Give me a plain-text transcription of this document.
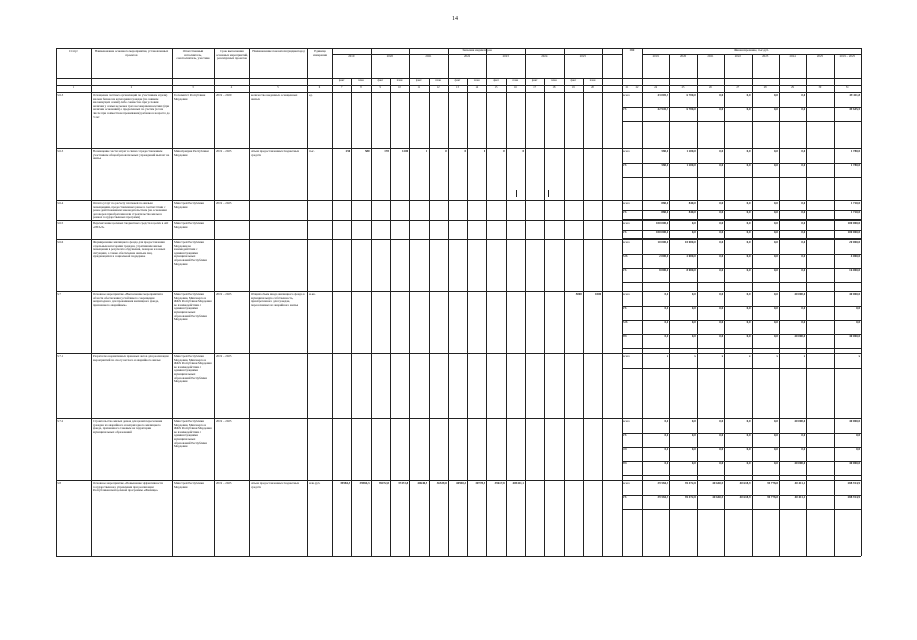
14
Статус	Наименование основного мероприятия, установленных проектов
Ответственный исполнитель, соисполнитель, участник
Срок выполнения основных мероприятий, реализуемых проектов
Наименование показателя (индикатора)	Единица измерения
Значения индикаторов	ИФ	Финансирование, тыс.руб.
2019	2020	2021	2022	2023	2024	2025
факт	план	факт	план	факт	план	факт	план	факт	план	факт	план	факт	план
2019	2020	2021	2022	2023	2024	2025	2019 – 2025
1	2	3	4	5	6	7	8	9	10	11	12	13	14	15	16	17	18	19	20	21	22	24	25	26	27	28	29	30	31
3.6.3	Оснащение частных организаций по участникам и (или) малым бизнесом категориям граждан (по заявкам малоимущих семей) либо совместно при условии наличия у семьи не менее трех несовершеннолетних (при наличии оснований) о пределенных по учетам (в том числе при совместном проживании) ребенка в возрасте до 3 лет
Госкомитет Республики Мордовия
2019 – 2020	количество выданных оснащенных жилых
ед.	всего	43 005,3	6 700,0	0,0	0,0	0,0	0,0	49 411,8
РБ	42 945,7	6 700,0	0,0	0,0	0,0	0,0	49 645,5
3.6.3	Возмещение части затрат в связи с предоставлением участникам общеобразовательных учреждений выплат на жилье
Минобрнауки Республики Мордовия
2019 – 2025	объем предоставленных бюджетных средств
тыс.	250	580	178	1200	0	0	0	0	0	0	всего	580,0	1 200,0	0,0	0,0	0,0	0,0	1 780,0
РБ	580,0	1 200,0	0,0	0,0	0,0	0,0	1 780,0
3.6.4	Оплата услуг по расчету платежей по жилым помещениям, предоставленных ранее в соответствии с ранее действовавшим законодательством (на основании договоров приобретения или строительства жилья в рамках государственных программ)
Минстрой Республики Мордовия
2019 – 2025	всего	880,0	840,0	0,0	0,0	0,0	0,0	1 720,0
РБ	880,0	840,0	0,0	0,0	0,0	0,0	1 720,0
3.6.5	Перечисление целевых бюджетных средств в целях в АО «ИТАЛ»
Минстрой Республики Мордовия
всего	100 000,0	0,0	0,0	0,0	0,0	0,0	100 000,0
РБ	100 000,0	0,0	0,0	0,0	0,0	0,0	100 000,0
3.6.6	Формирование жилищного фонда для предоставления отдельным категориям граждан, утратившим жилые помещения в результате обрушения, пожаров и в иных ситуациях, а также обеспечение жильем лиц, нуждающихся в социальной поддержке
Минстрой Республики Мордовия во взаимодействии с администрациями муниципальных образований Республики Мордовия
всего	10 000,0	10 000,0	0,0	0,0	0,0	0,0	20 000,0
МБ	2 000,0	2 000,0	0,0	0,0	0,0	0,0	4 000,0
РБ	8 000,0	8 000,0	0,0	0,0	0,0	0,0	16 000,0
3.7	Основное мероприятие «Выполнение мероприятий в области обеспечения устойчивого сокращения непригодного для проживания жилищного фонда, признанного аварийным»
Минстрой Республики Мордовия, Минэнерго и ЖКХ Республики Мордовия во взаимодействии с администрациями муниципальных образований Республики Мордовия
2019 – 2025	Общий объем ввода жилищного фонда в муниципальную собственность, приобретенного для граждан, переселяемых из аварийного жилья
м.кв.	5000	1000	всего	0,0	0,0	0,0	0,0	0,0	40 000,0	40 000,0
РБ	0,0	0,0	0,0	0,0	0,0	0,0	0,0
МБ	0,0	0,0	0,0	0,0	0,0	0,0	0,0
ВБ	0,0	0,0	0,0	0,0	0,0	40 000,0	40 000,0
3.7.1	Разработка нормативных правовых актов для реализации мероприятий по сносу ветхого и аварийного жилья
Минстрой Республики Мордовия, Минэнерго и ЖКХ Республики Мордовия во взаимодействии с администрациями муниципальных образований Республики Мордовия
2019 – 2025	всего	х	х	х	х	х	х	х
3.7.2	Строительство жилых домов для целей переселения граждан из аварийного и непригодного жилищного фонда, признанного таковым на территории муниципальных образований
Минстрой Республики Мордовия, Минэнерго и ЖКХ Республики Мордовия во взаимодействии с администрациями муниципальных образований Республики Мордовия
2019 – 2025	всего	0,0	0,0	0,0	0,0	0,0	40 000,0	40 000,0
РБ	0,0	0,0	0,0	0,0	0,0	0,0	0,0
ОБ	0,0	0,0	0,0	0,0	0,0	0,0	0,0
ВБ	0,0	0,0	0,0	0,0	0,0	40 000,0	40 000,0
3.8	Основное мероприятие «Повышение эффективности государственного управления при реализации Республиканской целевой программы «Жилище»
Минстрой Республики Мордовия
2019 – 2025	объем предоставленных бюджетных средств
млн.руб.	39584,3	39584,3	39472,8	37472,8	40640,5	36539,8	40590,3	30778,9	39617,8	405411,1	всего	39 584,3	39 472,8	40 640,5	40 618,9	39 778,8	40 411,1	288 914,9
РБ	39 584,3	39 472,8	40 640,5	40 618,9	39 778,8	40 411,1	288 914,9
